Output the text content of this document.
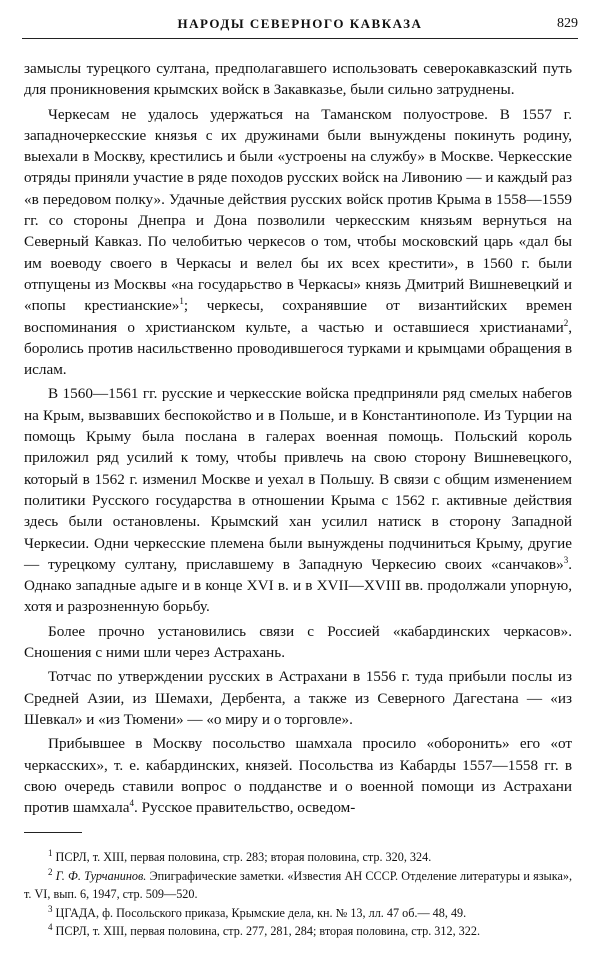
НАРОДЫ СЕВЕРНОГО КАВКАЗА	829

замыслы турецкого султана, предполагавшего использовать северокавказский путь для проникновения крымских войск в Закавказье, были сильно затруднены.

Черкесам не удалось удержаться на Таманском полуострове. В 1557 г. западночеркесские князья с их дружинами были вынуждены покинуть родину, выехали в Москву, крестились и были «устроены на службу» в Москве. Черкесские отряды приняли участие в ряде походов русских войск на Ливонию — и каждый раз «в передовом полку». Удачные действия русских войск против Крыма в 1558—1559 гг. со стороны Днепра и Дона позволили черкесским князьям вернуться на Северный Кавказ. По челобитью черкесов о том, чтобы московский царь «дал бы им воеводу своего в Черкасы и велел бы их всех крестити», в 1560 г. были отпущены из Москвы «на государьство в Черкасы» князь Дмитрий Вишневецкий и «попы крестианские»$^1$; черкесы, сохранявшие от византийских времен воспоминания о христианском культе, а частью и оставшиеся христианами$^2$, боролись против насильственно проводившегося турками и крымцами обращения в ислам.

В 1560—1561 гг. русские и черкесские войска предприняли ряд смелых набегов на Крым, вызвавших беспокойство и в Польше, и в Константинополе. Из Турции на помощь Крыму была послана в галерах военная помощь. Польский король приложил ряд усилий к тому, чтобы привлечь на свою сторону Вишневецкого, который в 1562 г. изменил Москве и уехал в Польшу. В связи с общим изменением политики Русского государства в отношении Крыма с 1562 г. активные действия здесь были остановлены. Крымский хан усилил натиск в сторону Западной Черкесии. Одни черкесские племена были вынуждены подчиниться Крыму, другие — турецкому султану, приславшему в Западную Черкесию своих «санчаков»$^3$. Однако западные адыге и в конце XVI в. и в XVII—XVIII вв. продолжали упорную, хотя и разрозненную борьбу.

Более прочно установились связи с Россией «кабардинских черкасов». Сношения с ними шли через Астрахань.

Тотчас по утверждении русских в Астрахани в 1556 г. туда прибыли послы из Средней Азии, из Шемахи, Дербента, а также из Северного Дагестана — «из Шевкал» и «из Тюмени» — «о миру и о торговле».

Прибывшее в Москву посольство шамхала просило «оборонить» его «от черкасских», т. е. кабардинских, князей. Посольства из Кабарды 1557—1558 гг. в свою очередь ставили вопрос о подданстве и о военной помощи из Астрахани против шамхала$^4$. Русское правительство, осведом-

$^1$ ПСРЛ, т. XIII, первая половина, стр. 283; вторая половина, стр. 320, 324.

$^2$ Г. Ф. Турчанинов. Эпиграфические заметки. «Известия АН СССР. Отделение литературы и языка», т. VI, вып. 6, 1947, стр. 509—520.

$^3$ ЦГАДА, ф. Посольского приказа, Крымские дела, кн. № 13, лл. 47 об.— 48, 49.

$^4$ ПСРЛ, т. XIII, первая половина, стр. 277, 281, 284; вторая половина, стр. 312, 322.
